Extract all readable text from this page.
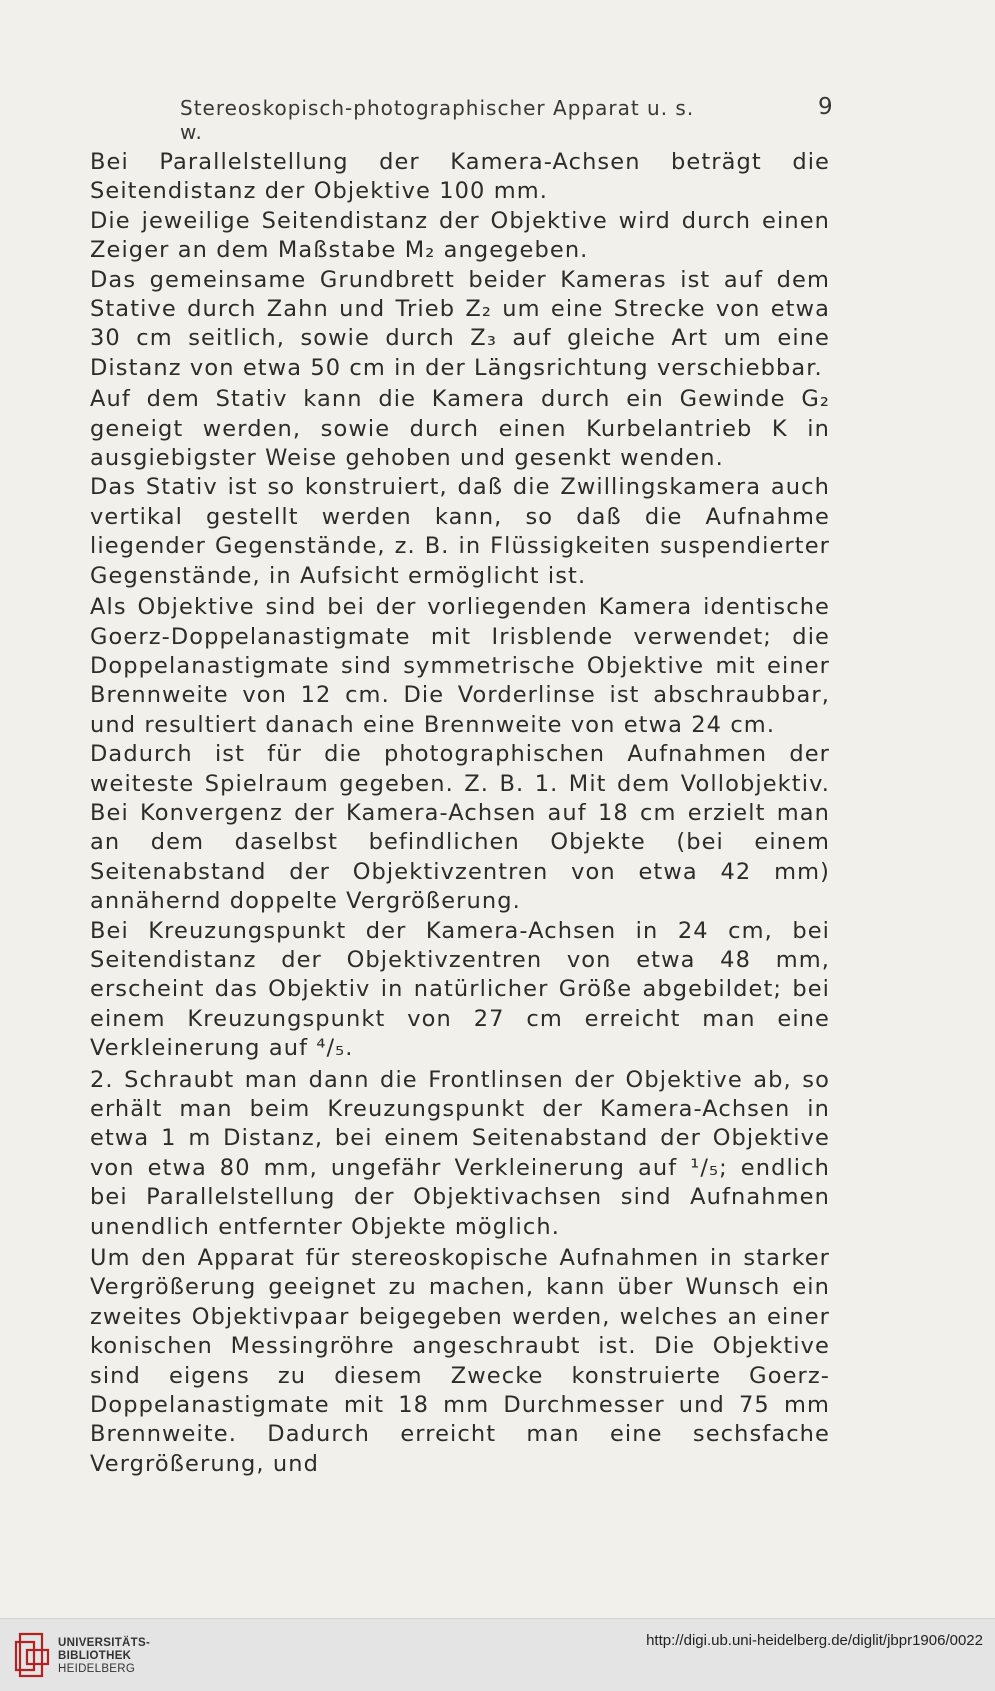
Stereoskopisch-photographischer Apparat u. s. w.
9

Bei Parallelstellung der Kamera-Achsen beträgt die Seitendistanz der Objektive 100 mm.

Die jeweilige Seitendistanz der Objektive wird durch einen Zeiger an dem Maßstabe M₂ angegeben.

Das gemeinsame Grundbrett beider Kameras ist auf dem Stative durch Zahn und Trieb Z₂ um eine Strecke von etwa 30 cm seitlich, sowie durch Z₃ auf gleiche Art um eine Distanz von etwa 50 cm in der Längsrichtung verschiebbar.

Auf dem Stativ kann die Kamera durch ein Gewinde G₂ geneigt werden, sowie durch einen Kurbelantrieb K in ausgiebigster Weise gehoben und gesenkt wenden.

Das Stativ ist so konstruiert, daß die Zwillingskamera auch vertikal gestellt werden kann, so daß die Aufnahme liegender Gegenstände, z. B. in Flüssigkeiten suspendierter Gegenstände, in Aufsicht ermöglicht ist.

Als Objektive sind bei der vorliegenden Kamera identische Goerz-Doppelanastigmate mit Irisblende verwendet; die Doppelanastigmate sind symmetrische Objektive mit einer Brennweite von 12 cm. Die Vorderlinse ist abschraubbar, und resultiert danach eine Brennweite von etwa 24 cm.

Dadurch ist für die photographischen Aufnahmen der weiteste Spielraum gegeben. Z. B. 1. Mit dem Vollobjektiv. Bei Konvergenz der Kamera-Achsen auf 18 cm erzielt man an dem daselbst befindlichen Objekte (bei einem Seitenabstand der Objektivzentren von etwa 42 mm) annähernd doppelte Vergrößerung.

Bei Kreuzungspunkt der Kamera-Achsen in 24 cm, bei Seitendistanz der Objektivzentren von etwa 48 mm, erscheint das Objektiv in natürlicher Größe abgebildet; bei einem Kreuzungspunkt von 27 cm erreicht man eine Verkleinerung auf ⁴/₅.

2. Schraubt man dann die Frontlinsen der Objektive ab, so erhält man beim Kreuzungspunkt der Kamera-Achsen in etwa 1 m Distanz, bei einem Seitenabstand der Objektive von etwa 80 mm, ungefähr Verkleinerung auf ¹/₅; endlich bei Parallelstellung der Objektivachsen sind Aufnahmen unendlich entfernter Objekte möglich.

Um den Apparat für stereoskopische Aufnahmen in starker Vergrößerung geeignet zu machen, kann über Wunsch ein zweites Objektivpaar beigegeben werden, welches an einer konischen Messingröhre angeschraubt ist. Die Objektive sind eigens zu diesem Zwecke konstruierte Goerz-Doppelanastigmate mit 18 mm Durchmesser und 75 mm Brennweite. Dadurch erreicht man eine sechsfache Vergrößerung, und

UNIVERSITÄTS-
BIBLIOTHEK
HEIDELBERG
http://digi.ub.uni-heidelberg.de/diglit/jbpr1906/0022
